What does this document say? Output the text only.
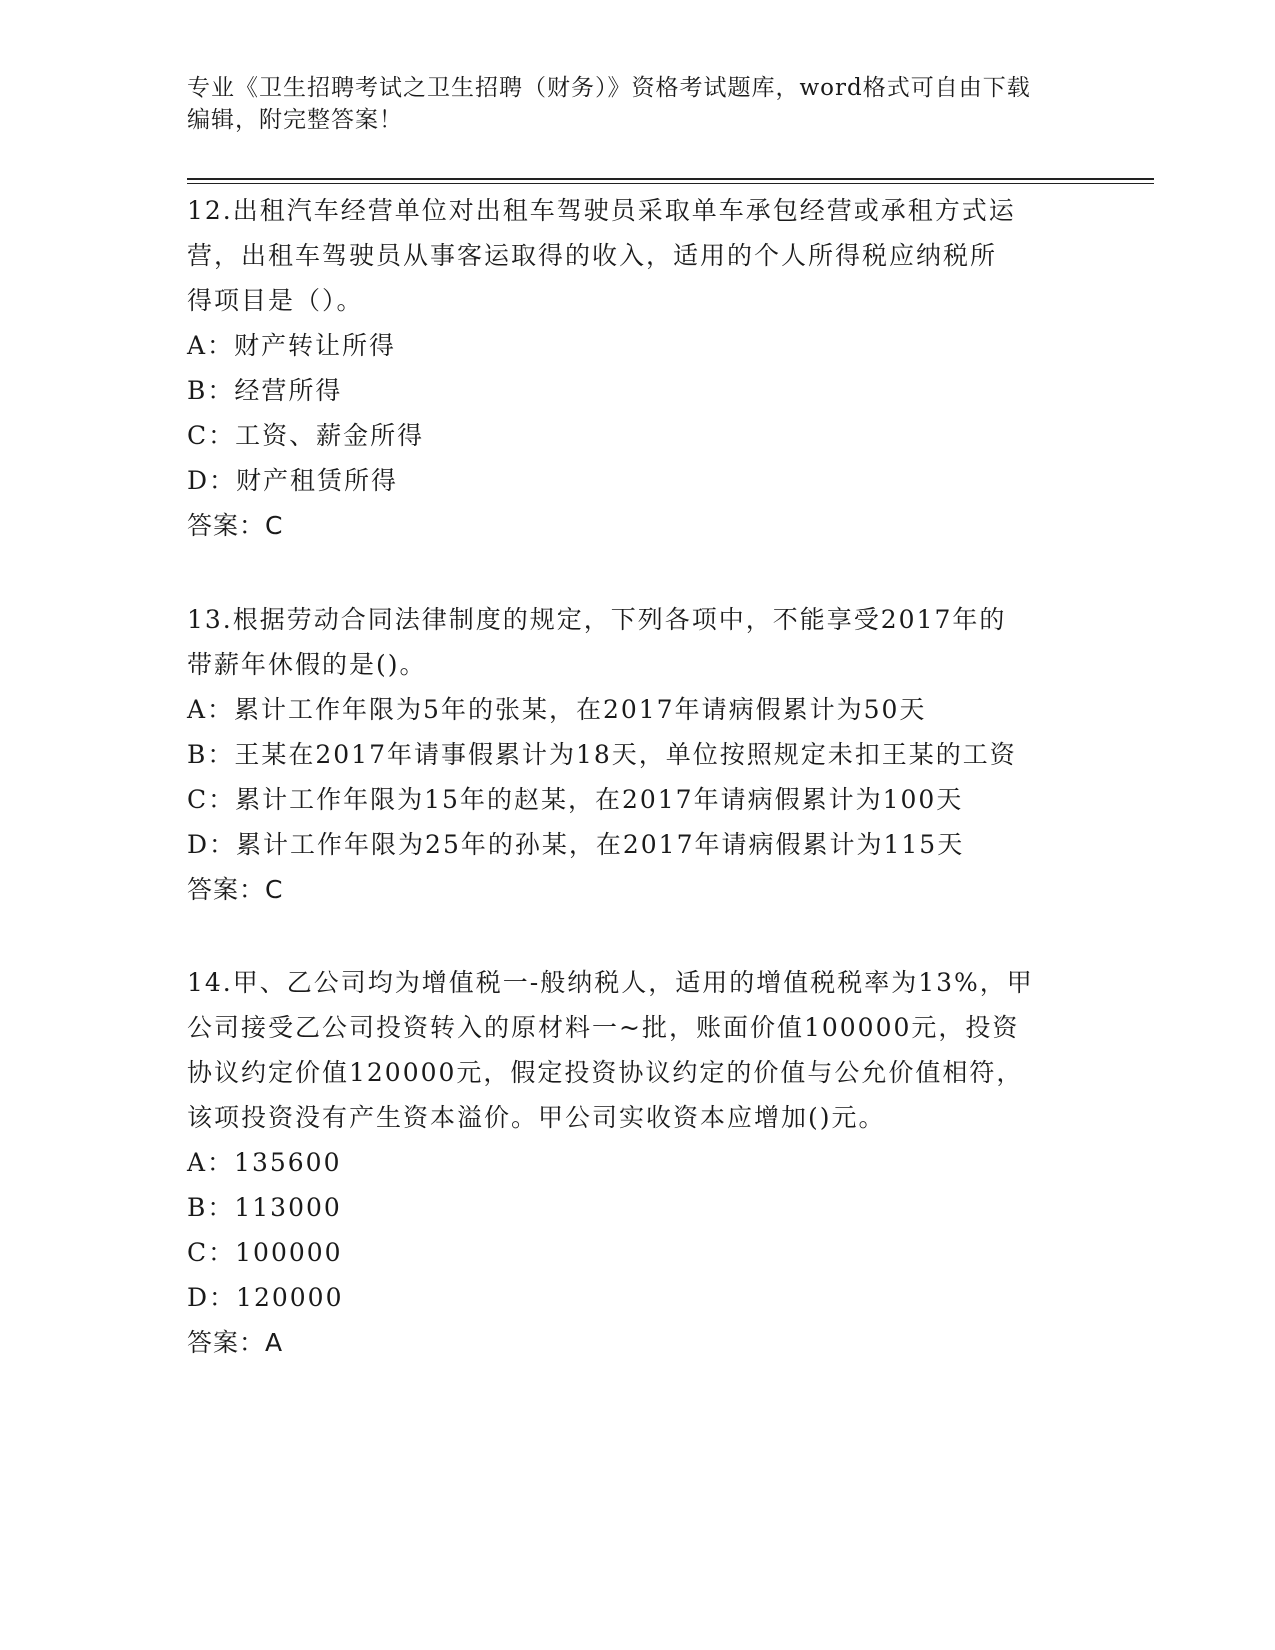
专业《卫生招聘考试之卫生招聘（财务）》资格考试题库，word格式可自由下载
编辑，附完整答案！

12.出租汽车经营单位对出租车驾驶员采取单车承包经营或承租方式运

营，出租车驾驶员从事客运取得的收入，适用的个人所得税应纳税所

得项目是（）。

A：财产转让所得

B：经营所得

C：工资、薪金所得

D：财产租赁所得

答案：C

13.根据劳动合同法律制度的规定，下列各项中，不能享受2017年的

带薪年休假的是()。

A：累计工作年限为5年的张某，在2017年请病假累计为50天

B：王某在2017年请事假累计为18天，单位按照规定未扣王某的工资

C：累计工作年限为15年的赵某，在2017年请病假累计为100天

D：累计工作年限为25年的孙某，在2017年请病假累计为115天

答案：C

14.甲、乙公司均为增值税一-般纳税人，适用的增值税税率为13%，甲

公司接受乙公司投资转入的原材料一~批，账面价值100000元，投资

协议约定价值120000元，假定投资协议约定的价值与公允价值相符，

该项投资没有产生资本溢价。甲公司实收资本应增加()元。

A：135600

B：113000

C：100000

D：120000

答案：A
